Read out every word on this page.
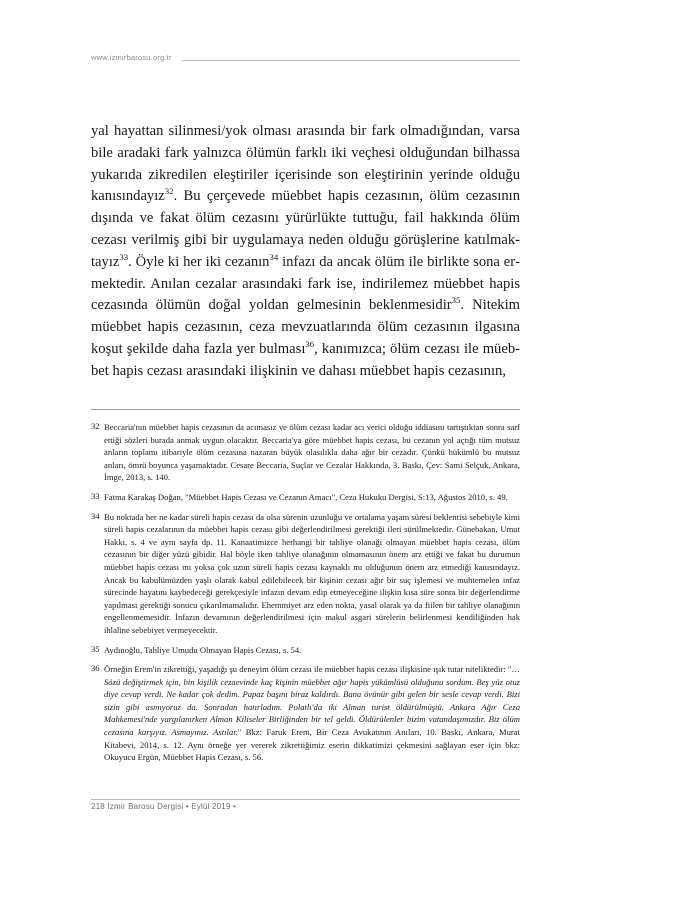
www.izmirbarosu.org.tr

yal hayattan silinmesi/yok olması arasında bir fark olmadığından, varsa bile aradaki fark yalnızca ölümün farklı iki veçhesi olduğundan bilhassa yukarıda zikredilen eleştiriler içerisinde son eleştirinin yerinde olduğu kanısındayız$^{32}$. Bu çerçevede müebbet hapis cezasının, ölüm cezasının dışında ve fakat ölüm cezasını yürürlükte tuttuğu, fail hakkında ölüm cezası verilmiş gibi bir uygulamaya neden olduğu görüşlerine katılmaktayız$^{33}$. Öyle ki her iki cezanın$^{34}$ infazı da ancak ölüm ile birlikte sona ermektedir. Anılan cezalar arasındaki fark ise, indirilemez müebbet hapis cezasında ölümün doğal yoldan gelmesinin beklenmesidir$^{35}$. Nitekim müebbet hapis cezasının, ceza mevzuatlarında ölüm cezasının ilgasına koşut şekilde daha fazla yer bulması$^{36}$, kanımızca; ölüm cezası ile müebbet hapis cezası arasındaki ilişkinin ve dahası müebbet hapis cezasının,

32 Beccaria'nın müebbet hapis cezasının da acımasız ve ölüm cezası kadar acı verici olduğu iddiasını tartıştıktan sonra sarf ettiği sözleri burada anmak uygun olacaktır. Beccaria'ya göre müebbet hapis cezası, bu cezanın yol açtığı tüm mutsuz anların toplamı itibariyle ölüm cezasına nazaran büyük olasılıkla daha ağır bir cezadır. Çünkü hükümlü bu mutsuz anları, ömrü boyunca yaşamaktadır. Cesare Beccaria, Suçlar ve Cezalar Hakkında, 3. Baskı, Çev: Sami Selçuk, Ankara, İmge, 2013, s. 140.
33 Fatma Karakaş Doğan, "Müebbet Hapis Cezası ve Cezanın Amacı", Ceza Hukuku Dergisi, S:13, Ağustos 2010, s. 49.
34 Bu noktada her ne kadar süreli hapis cezası da olsa sürenin uzunluğu ve ortalama yaşam süresi beklentisi sebebiyle kimi süreli hapis cezalarının da müebbet hapis cezası gibi değerlendirilmesi gerektiği ileri sürülmektedir. Günebakan, Umut Hakkı, s. 4 ve aynı sayfa dp. 11. Kanaatimizce herhangi bir tahliye olanağı olmayan müebbet hapis cezası, ölüm cezasının bir diğer yüzü gibidir. Hal böyle iken tahliye olanağının olmamasının önem arz ettiği ve fakat bu durumun müebbet hapis cezası mı yoksa çok uzun süreli hapis cezası kaynaklı mı olduğunun önem arz etmediği kanısındayız. Ancak bu kabulümüzden yaşlı olarak kabul edilebilecek bir kişinin cezası ağır bir suç işlemesi ve muhtemelen infaz sürecinde hayatını kaybedeceği gerekçesiyle infazın devam edip etmeyeceğine ilişkin kısa süre sonra bir değerlendirme yapılması gerektiği sonucu çıkarılmamalıdır. Ehemmiyet arz eden nokta, yasal olarak ya da fiilen bir tahliye olanağının engellenmemesidir. İnfazın devamının değerlendirilmesi için makul asgari sürelerin belirlenmesi kendiliğinden hak ihlaline sebebiyet vermeyecektir.
35 Aydınoğlu, Tahliye Umudu Olmayan Hapis Cezası, s. 54.
36 Örneğin Erem'in zikrettiği, yaşadığı şu deneyim ölüm cezası ile müebbet hapis cezası ilişkisine ışık tutar niteliktedir: "… Sözü değiştirmek için, bin kişilik cezaevinde kaç kişinin müebbet ağır hapis yükümlüsü olduğunu sordum. Beş yüz otuz diye cevap verdi. Ne kadar çok dedim. Papaz başını biraz kaldırdı. Bana övünür gibi gelen bir sesle cevap verdi. Bizi sizin gibi asmıyoruz da. Sonradan hatırladım. Polatlı'da iki Alman turist öldürülmüştü. Ankara Ağır Ceza Mahkemesi'nde yargılanırken Alman Kiliseler Birliğinden bir tel geldi. Öldürülenler bizim vatandaşımızdır. Biz ölüm cezasına karşıyız. Asmayınız. Astılar." Bkz: Faruk Erem, Bir Ceza Avukatının Anıları, 10. Baskı, Ankara, Murat Kitabevi, 2014, s. 12. Aynı örneğe yer vererek zikrettiğimiz eserin dikkatimizi çekmesini sağlayan eser için bkz: Okuyucu Ergün, Müebbet Hapis Cezası, s. 56.
218 İzmir Barosu Dergisi • Eylül 2019 •
